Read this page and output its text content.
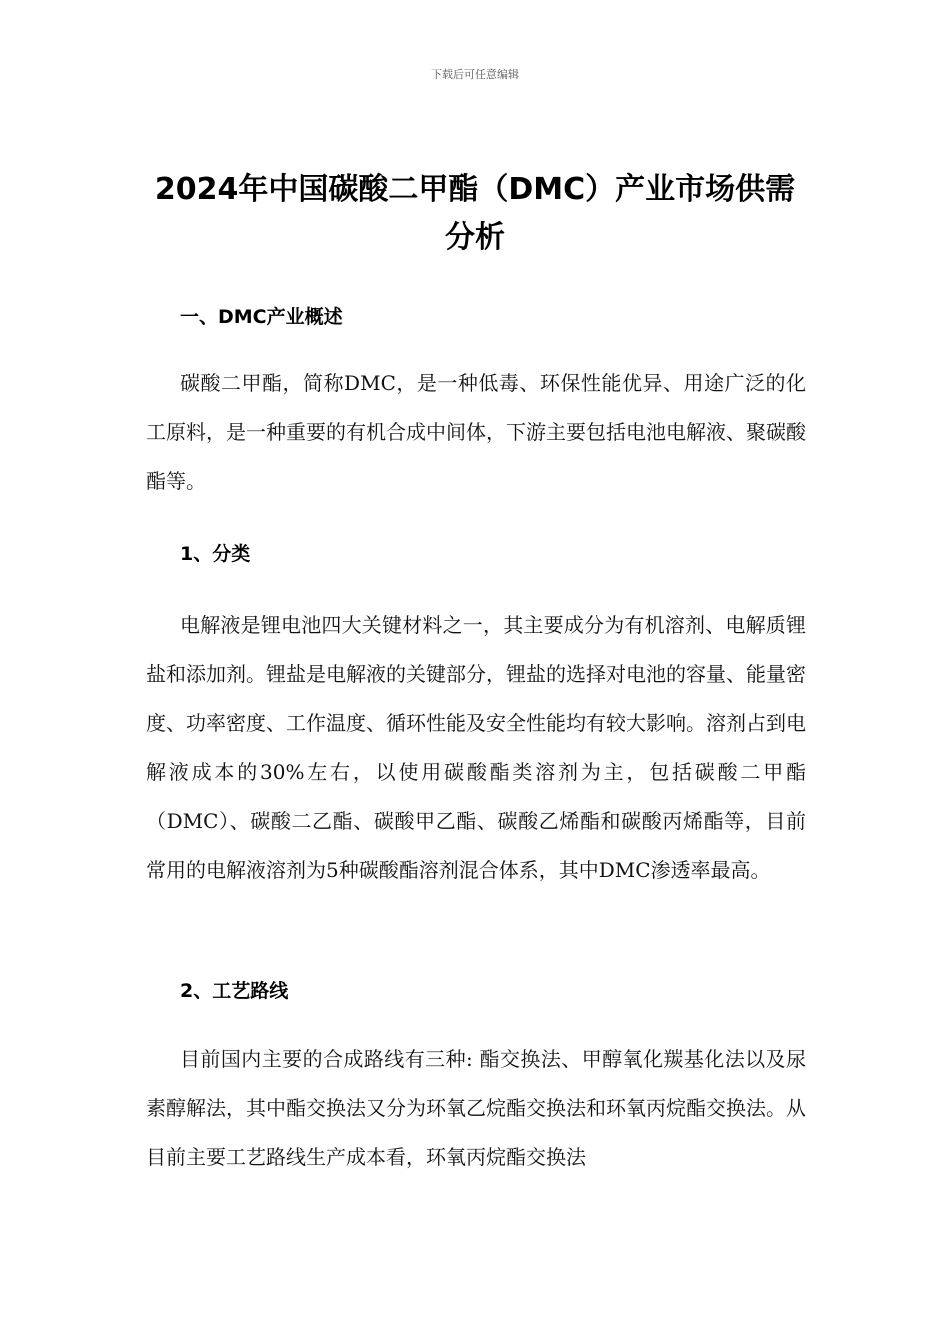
下载后可任意编辑
2024年中国碳酸二甲酯（DMC）产业市场供需分析

一、DMC产业概述

碳酸二甲酯，简称DMC，是一种低毒、环保性能优异、用途广泛的化工原料，是一种重要的有机合成中间体，下游主要包括电池电解液、聚碳酸酯等。

1、分类

电解液是锂电池四大关键材料之一，其主要成分为有机溶剂、电解质锂盐和添加剂。锂盐是电解液的关键部分，锂盐的选择对电池的容量、能量密度、功率密度、工作温度、循环性能及安全性能均有较大影响。溶剂占到电解液成本的30%左右，以使用碳酸酯类溶剂为主，包括碳酸二甲酯（DMC）、碳酸二乙酯、碳酸甲乙酯、碳酸乙烯酯和碳酸丙烯酯等，目前常用的电解液溶剂为5种碳酸酯溶剂混合体系，其中DMC渗透率最高。

2、工艺路线

目前国内主要的合成路线有三种: 酯交换法、甲醇氧化羰基化法以及尿素醇解法，其中酯交换法又分为环氧乙烷酯交换法和环氧丙烷酯交换法。从目前主要工艺路线生产成本看，环氧丙烷酯交换法
